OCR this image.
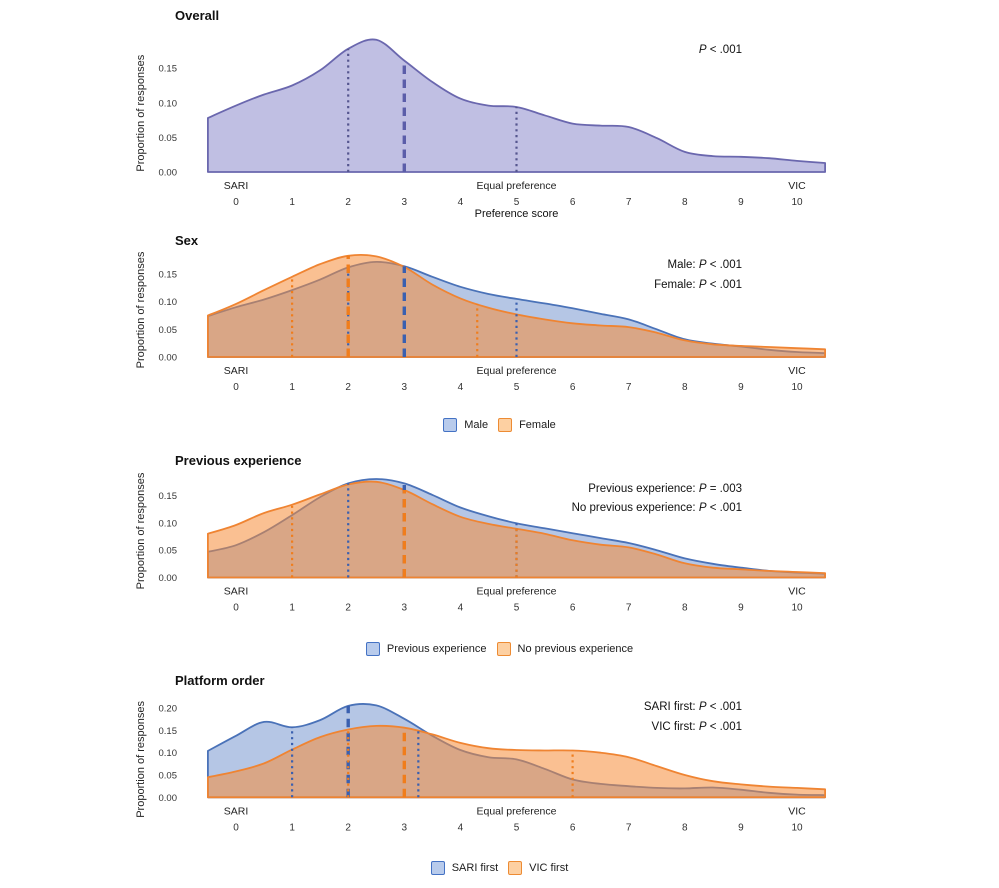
Overall
Proportion of responses
0.00
0.05
0.10
0.15
SARI	Equal preference	VIC
0	1	2	3	4	5	6	7	8	9	10
Preference score
P < .001
Sex
Proportion of responses 0.00
0.05
0.10
0.15
SARI	Equal preference	VIC
0	1	2	3	4	5	6	7	8	9	10
Male: P < .001
Female: P < .001
Previous experience
Proportion of responses 0.00
0.05
0.10
0.15
SARI	Equal preference	VIC
0	1	2	3	4	5	6	7	8	9	10
Previous experience: P = .003
No previous experience: P < .001
Platform order
Proportion of responses 0.00
0.05
0.10
0.15
0.20
SARI	Equal preference	VIC
0	1	2	3	4	5	6	7	8	9	10
SARI first: P < .001
VIC first: P < .001
Male	Female
Previous experience	No previous experience
SARI first	VIC first
